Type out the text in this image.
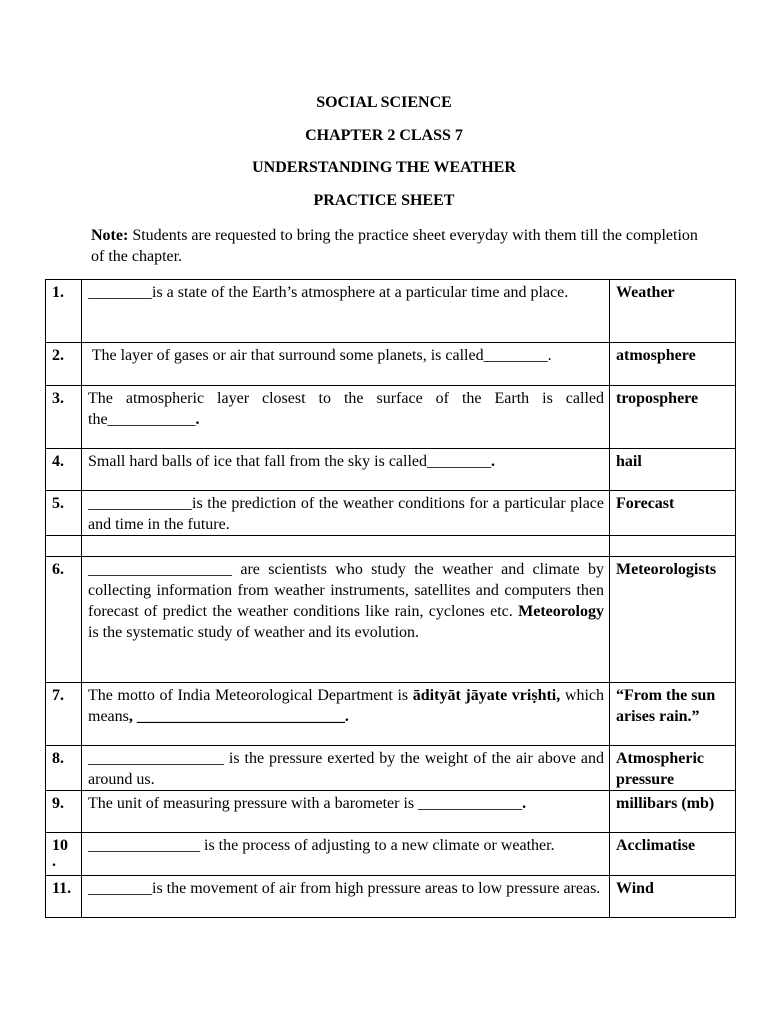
SOCIAL SCIENCE
CHAPTER 2 CLASS 7
UNDERSTANDING THE WEATHER
PRACTICE SHEET
Note: Students are requested to bring the practice sheet everyday with them till the completion of the chapter.
1.	________is a state of the Earth’s atmosphere at a particular time and place.	Weather
2.	The layer of gases or air that surround some planets, is called________.	atmosphere
3.	The atmospheric layer closest to the surface of the Earth is called the___________.	troposphere
4.	Small hard balls of ice that fall from the sky is called________.	hail
5.	_____________is the prediction of the weather conditions for a particular place and time in the future.	Forecast

6.	__________________ are scientists who study the weather and climate by collecting information from weather instruments, satellites and computers then forecast of predict the weather conditions like rain, cyclones etc. Meteorology is the systematic study of weather and its evolution.	Meteorologists
7.	The motto of India Meteorological Department is ādityāt jāyate vriṣhti, which means, __________________________.	“From the sun
arises rain.”

8.	_________________ is the pressure exerted by the weight of the air above and around us.	Atmospheric
pressure

9.	The unit of measuring pressure with a barometer is _____________.	millibars (mb)

10
.	______________ is the process of adjusting to a new climate or weather.	Acclimatise
11.	________is the movement of air from high pressure areas to low pressure areas.	Wind
